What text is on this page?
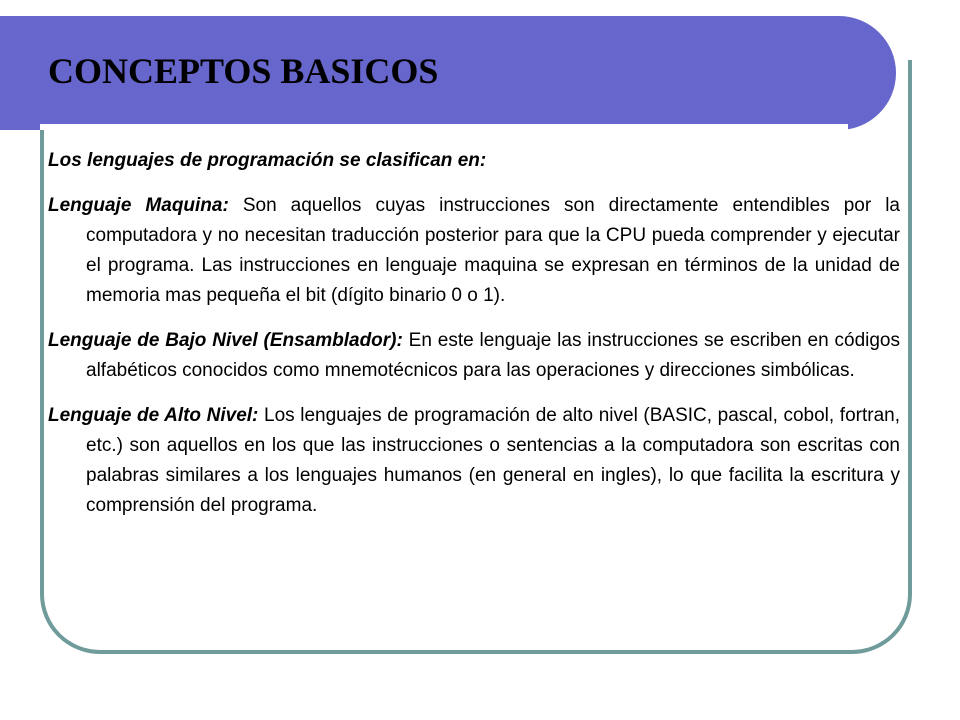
CONCEPTOS BASICOS

Los lenguajes de programación se clasifican en:

Lenguaje Maquina: Son aquellos cuyas instrucciones son directamente entendibles por la computadora y no necesitan traducción posterior para que la CPU pueda comprender y ejecutar el programa. Las instrucciones en lenguaje maquina se expresan en términos de la unidad de memoria mas pequeña el bit (dígito binario 0 o 1).

Lenguaje de Bajo Nivel (Ensamblador): En este lenguaje las instrucciones se escriben en códigos alfabéticos conocidos como mnemotécnicos para las operaciones y direcciones simbólicas.

Lenguaje de Alto Nivel: Los lenguajes de programación de alto nivel (BASIC, pascal, cobol, fortran, etc.) son aquellos en los que las instrucciones o sentencias a la computadora son escritas con palabras similares a los lenguajes humanos (en general en ingles), lo que facilita la escritura y comprensión del programa.
